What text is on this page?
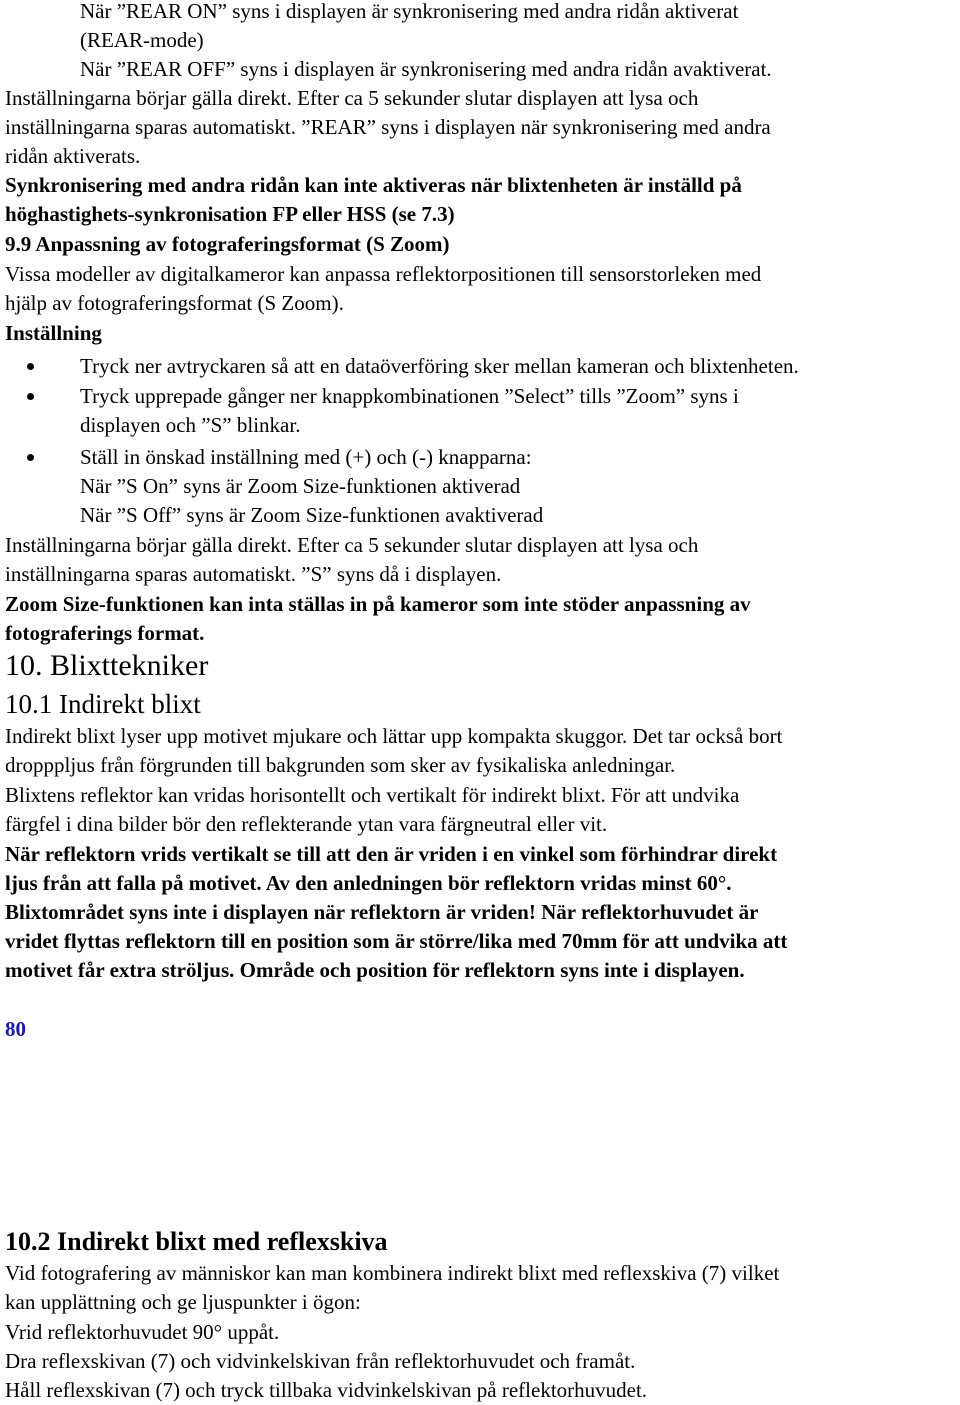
När ”REAR ON” syns i displayen är synkronisering med andra ridån aktiverat
(REAR-mode)
När ”REAR OFF” syns i displayen är synkronisering med andra ridån avaktiverat.
Inställningarna börjar gälla direkt. Efter ca 5 sekunder slutar displayen att lysa och
inställningarna sparas automatiskt. ”REAR” syns i displayen när synkronisering med andra
ridån aktiverats.
Synkronisering med andra ridån kan inte aktiveras när blixtenheten är inställd på
höghastighets-synkronisation FP eller HSS (se 7.3)
9.9 Anpassning av fotograferingsformat (S Zoom)
Vissa modeller av digitalkameror kan anpassa reflektorpositionen till sensorstorleken med
hjälp av fotograferingsformat (S Zoom).
Inställning
Tryck ner avtryckaren så att en dataöverföring sker mellan kameran och blixtenheten.
Tryck upprepade gånger ner knappkombinationen ”Select” tills ”Zoom” syns i
displayen och ”S” blinkar.
Ställ in önskad inställning med (+) och (-) knapparna:
När ”S On” syns är Zoom Size-funktionen aktiverad
När ”S Off” syns är Zoom Size-funktionen avaktiverad
Inställningarna börjar gälla direkt. Efter ca 5 sekunder slutar displayen att lysa och
inställningarna sparas automatiskt. ”S” syns då i displayen.
Zoom Size-funktionen kan inta ställas in på kameror som inte stöder anpassning av
fotograferings format.
10. Blixttekniker
10.1 Indirekt blixt
Indirekt blixt lyser upp motivet mjukare och lättar upp kompakta skuggor. Det tar också bort
dropppljus från förgrunden till bakgrunden som sker av fysikaliska anledningar.
Blixtens reflektor kan vridas horisontellt och vertikalt för indirekt blixt. För att undvika
färgfel i dina bilder bör den reflekterande ytan vara färgneutral eller vit.
När reflektorn vrids vertikalt se till att den är vriden i en vinkel som förhindrar direkt
ljus från att falla på motivet. Av den anledningen bör reflektorn vridas minst 60°.
Blixtområdet syns inte i displayen när reflektorn är vriden! När reflektorhuvudet är
vridet flyttas reflektorn till en position som är större/lika med 70mm för att undvika att
motivet får extra ströljus. Område och position för reflektorn syns inte i displayen.
80
10.2 Indirekt blixt med reflexskiva
Vid fotografering av människor kan man kombinera indirekt blixt med reflexskiva (7) vilket
kan upplättning och ge ljuspunkter i ögon:
Vrid reflektorhuvudet 90° uppåt.
Dra reflexskivan (7) och vidvinkelskivan från reflektorhuvudet och framåt.
Håll reflexskivan (7) och tryck tillbaka vidvinkelskivan på reflektorhuvudet.
